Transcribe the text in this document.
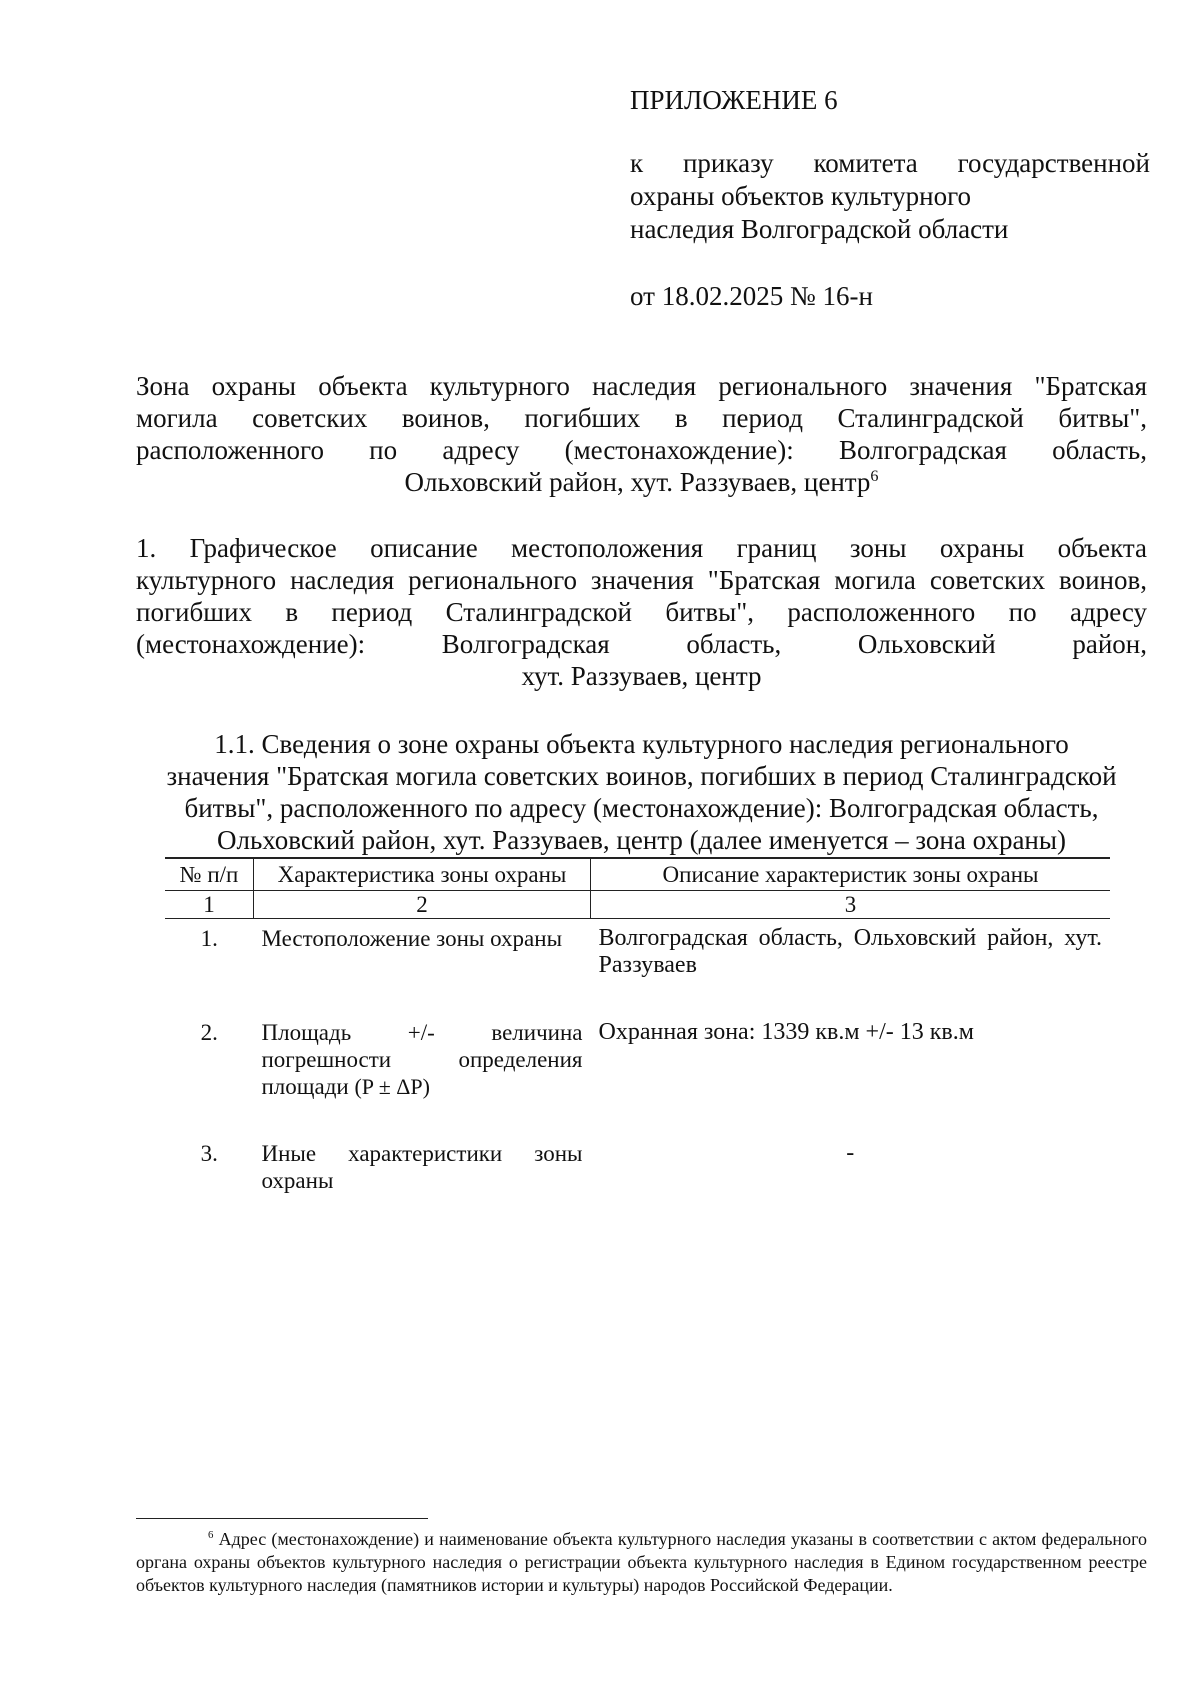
ПРИЛОЖЕНИЕ 6
к приказу комитета государственной
охраны объектов культурного
наследия Волгоградской области
от 18.02.2025 № 16-н
Зона охраны объекта культурного наследия регионального значения "Братская
могила советских воинов, погибших в период Сталинградской битвы",
расположенного по адресу (местонахождение): Волгоградская область,
Ольховский район, хут. Раззуваев, центр$^6$
1. Графическое описание местоположения границ зоны охраны объекта
культурного наследия регионального значения "Братская могила советских воинов,
погибших в период Сталинградской битвы", расположенного по адресу
(местонахождение): Волгоградская область, Ольховский район,
хут. Раззуваев, центр
1.1. Сведения о зоне охраны объекта культурного наследия регионального
значения "Братская могила советских воинов, погибших в период Сталинградской
битвы", расположенного по адресу (местонахождение): Волгоградская область,
Ольховский район, хут. Раззуваев, центр (далее именуется – зона охраны)
№ п/п	Характеристика зоны охраны	Описание характеристик зоны охраны
1	2	3
1.	Местоположение зоны охраны	Волгоградская область, Ольховский район, хут. Раззуваев
2.	Площадь +/- величина погрешности определения площади (P ± ΔP)	Охранная зона: 1339 кв.м +/- 13 кв.м
3.	Иные характеристики зоны охраны	-
$^6$ Адрес (местонахождение) и наименование объекта культурного наследия указаны в соответствии с актом федерального органа охраны объектов культурного наследия о регистрации объекта культурного наследия в Едином государственном реестре объектов культурного наследия (памятников истории и культуры) народов Российской Федерации.
